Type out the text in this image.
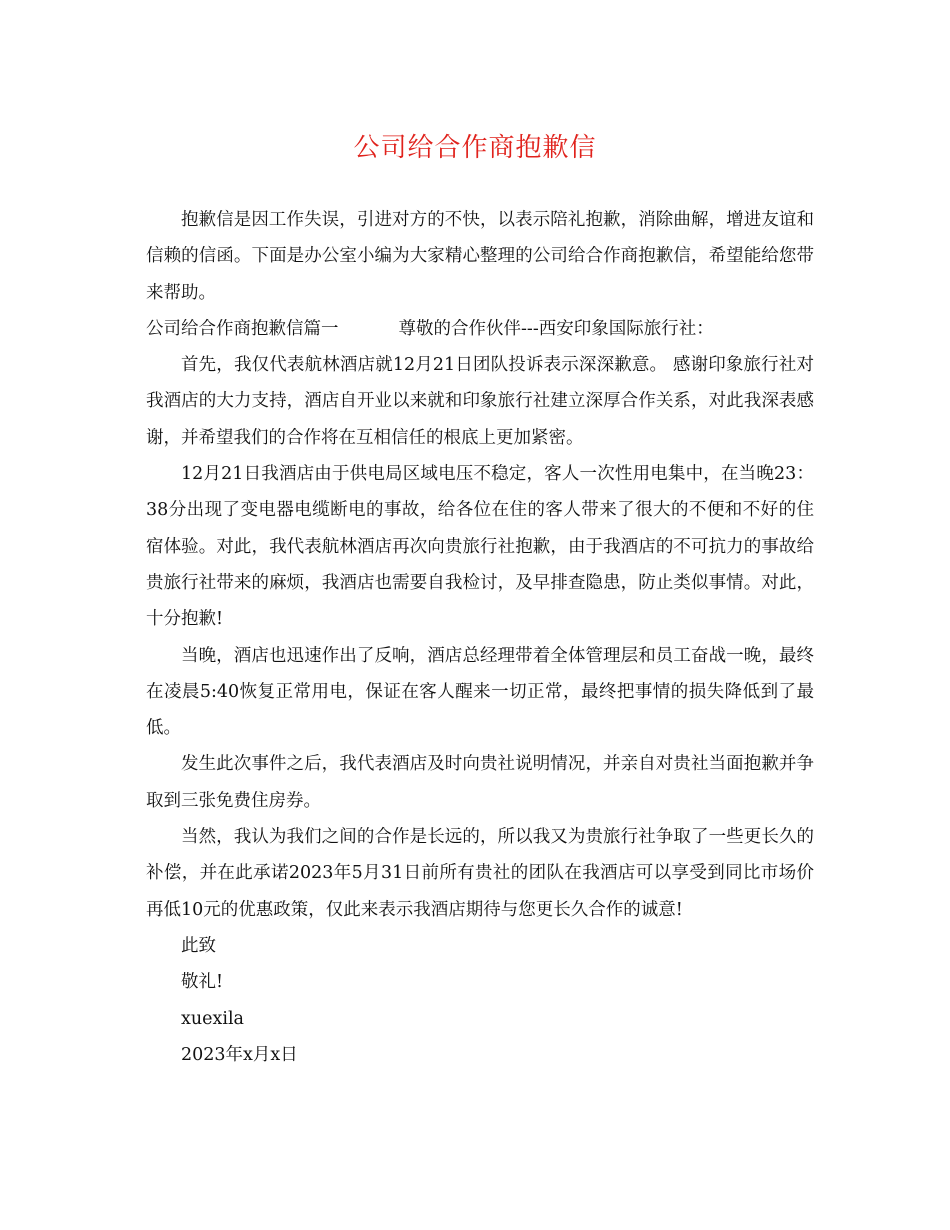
公司给合作商抱歉信

抱歉信是因工作失误，引进对方的不快，以表示陪礼抱歉，消除曲解，增进友谊和信赖的信函。下面是办公室小编为大家精心整理的公司给合作商抱歉信，希望能给您带来帮助。

公司给合作商抱歉信篇一	尊敬的合作伙伴---西安印象国际旅行社：

首先，我仅代表航林酒店就12月21日团队投诉表示深深歉意。 感谢印象旅行社对我酒店的大力支持，酒店自开业以来就和印象旅行社建立深厚合作关系，对此我深表感谢，并希望我们的合作将在互相信任的根底上更加紧密。

12月21日我酒店由于供电局区域电压不稳定，客人一次性用电集中，在当晚23：38分出现了变电器电缆断电的事故，给各位在住的客人带来了很大的不便和不好的住宿体验。对此，我代表航林酒店再次向贵旅行社抱歉，由于我酒店的不可抗力的事故给贵旅行社带来的麻烦，我酒店也需要自我检讨，及早排查隐患，防止类似事情。对此，十分抱歉!

当晚，酒店也迅速作出了反响，酒店总经理带着全体管理层和员工奋战一晚，最终在凌晨5:40恢复正常用电，保证在客人醒来一切正常，最终把事情的损失降低到了最低。

发生此次事件之后，我代表酒店及时向贵社说明情况，并亲自对贵社当面抱歉并争取到三张免费住房券。

当然，我认为我们之间的合作是长远的，所以我又为贵旅行社争取了一些更长久的补偿，并在此承诺2023年5月31日前所有贵社的团队在我酒店可以享受到同比市场价再低10元的优惠政策，仅此来表示我酒店期待与您更长久合作的诚意!

此致

敬礼!

xuexila

2023年x月x日
